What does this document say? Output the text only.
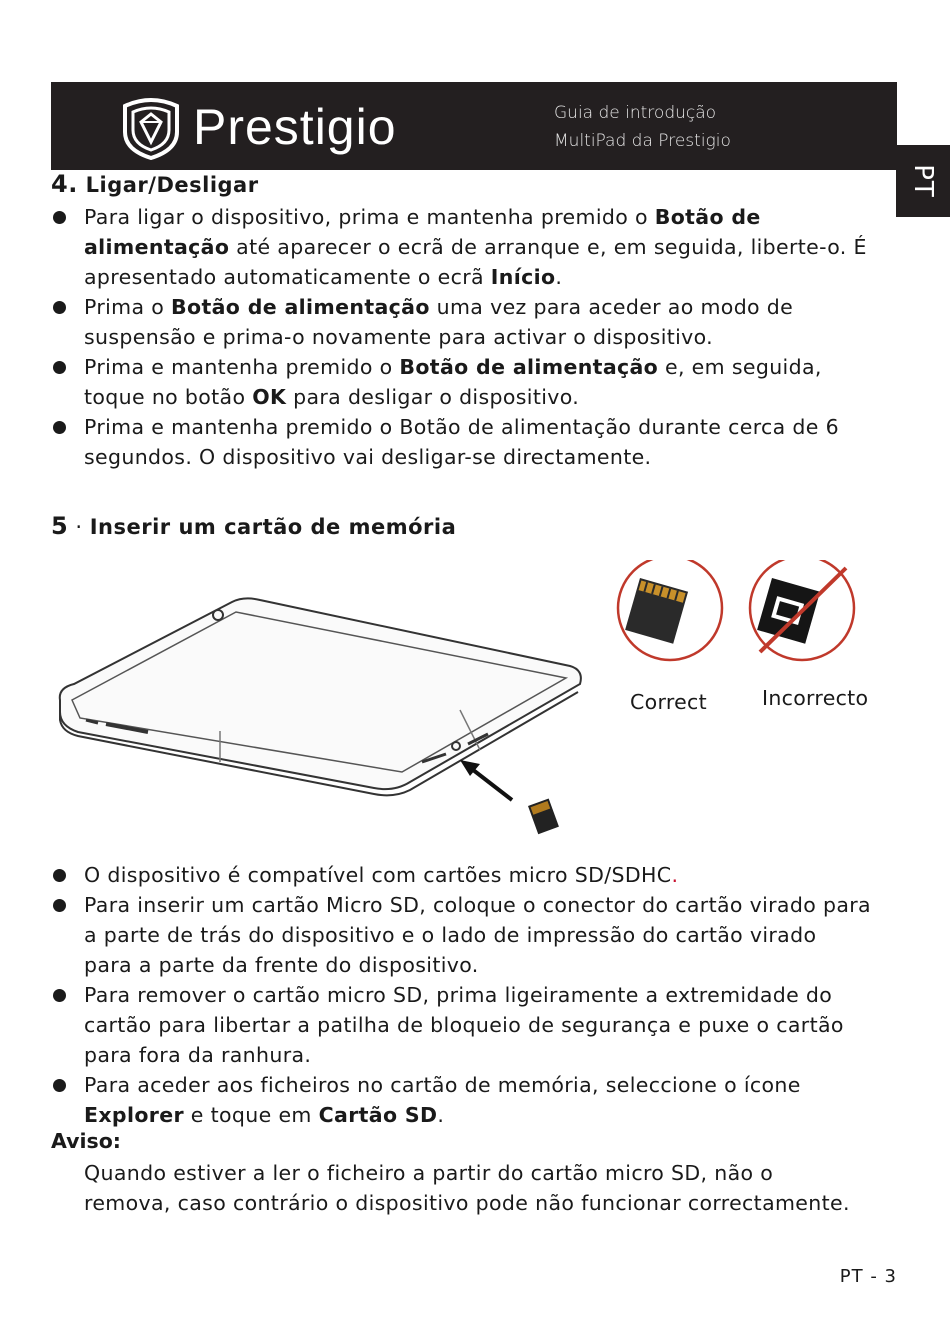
Prestigio	Guia de introdução
MultiPad da Prestigio
PT
4. Ligar/Desligar
Para ligar o dispositivo, prima e mantenha premido o Botão de alimentação até aparecer o ecrã de arranque e, em seguida, liberte-o. É apresentado automaticamente o ecrã Início.
Prima o Botão de alimentação uma vez para aceder ao modo de suspensão e prima-o novamente para activar o dispositivo.
Prima e mantenha premido o Botão de alimentação e, em seguida, toque no botão OK para desligar o dispositivo.
Prima e mantenha premido o Botão de alimentação durante cerca de 6 segundos. O dispositivo vai desligar-se directamente.
5 · Inserir um cartão de memória
Correct	Incorrecto
O dispositivo é compatível com cartões micro SD/SDHC.
Para inserir um cartão Micro SD, coloque o conector do cartão virado para a parte de trás do dispositivo e o lado de impressão do cartão virado para a parte da frente do dispositivo.
Para remover o cartão micro SD, prima ligeiramente a extremidade do cartão para libertar a patilha de bloqueio de segurança e puxe o cartão para fora da ranhura.
Para aceder aos ficheiros no cartão de memória, seleccione o ícone Explorer e toque em Cartão SD.
Aviso:
Quando estiver a ler o ficheiro a partir do cartão micro SD, não o remova, caso contrário o dispositivo pode não funcionar correctamente.
PT - 3
